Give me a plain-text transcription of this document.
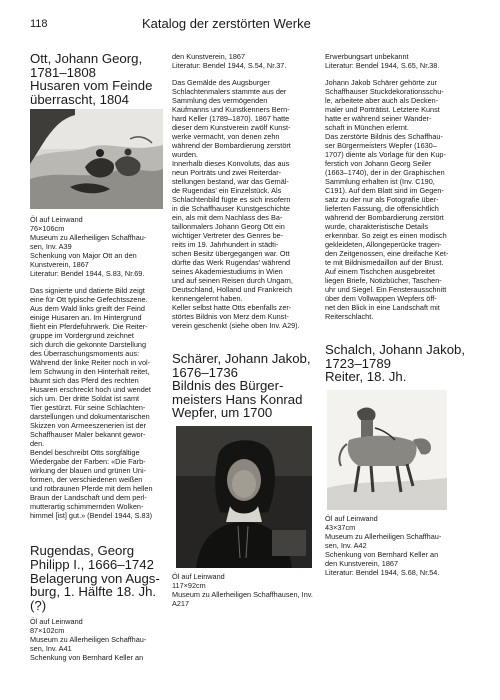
118	Katalog der zerstörten Werke

Ott, Johann Georg,

1781–1808

Husaren vom Feinde

überrascht, 1804

Öl auf Leinwand

76×106cm

Museum zu Allerheiligen Schaffhau-

sen, Inv. A39

Schenkung von Major Ott an den

Kunstverein, 1867

Literatur: Bendel 1944, S.83, Nr.69.

Das signierte und datierte Bild zeigt

eine für Ott typische Gefechtsszene.

Aus dem Wald links greift der Feind

einige Husaren an. Im Hintergrund

flieht ein Pferdefuhrwerk. Die Reiter-

gruppe im Vordergrund zeichnet

sich durch die gekonnte Darstellung

des Überraschungsmoments aus:

Während der linke Reiter noch in vol-

lem Schwung in den Hinterhalt reitet,

bäumt sich das Pferd des rechten

Husaren erschreckt hoch und wendet

sich um. Der dritte Soldat ist samt

Tier gestürzt. Für seine Schlachten-

darstellungen und dokumentarischen

Skizzen von Armeeszenerien ist der

Schaffhauser Maler bekannt gewor-

den.

Bendel beschreibt Otts sorgfältige

Wiedergabe der Farben: «Die Farb-

wirkung der blauen und grünen Uni-

formen, der verschiedenen weißen

und rotbraunen Pferde mit dem hellen

Braun der Landschaft und dem perl-

mutterartig schimmernden Wolken-

himmel [ist] gut.» (Bendel 1944, S.83)

Rugendas, Georg

Philipp I., 1666–1742

Belagerung von Augs-

burg, 1. Hälfte 18. Jh. (?)

Öl auf Leinwand

87×102cm

Museum zu Allerheiligen Schaffhau-

sen, Inv. A41

Schenkung von Bernhard Keller an

den Kunstverein, 1867

Literatur: Bendel 1944, S.54, Nr.37.

Das Gemälde des Augsburger

Schlachtenmalers stammte aus der

Sammlung des vermögenden

Kaufmanns und Kunstkenners Bern-

hard Keller (1789–1870). 1867 hatte

dieser dem Kunstverein zwölf Kunst-

werke vermacht, von denen zehn

während der Bombardierung zerstört

wurden.

Innerhalb dieses Konvoluts, das aus

neun Porträts und zwei Reiterdar-

stellungen bestand, war das Gemäl-

de Rugendas' ein Einzelstück. Als

Schlachtenbild fügte es sich insofern

in die Schaffhauser Kunstgeschichte

ein, als mit dem Nachlass des Ba-

taillonmalers Johann Georg Ott ein

wichtiger Vertreter des Genres be-

reits im 19. Jahrhundert in städti-

schen Besitz übergegangen war. Ott

dürfte das Werk Rugendas' während

seines Akademiestudiums in Wien

und auf seinen Reisen durch Ungarn,

Deutschland, Holland und Frankreich

kennengelernt haben.

Keller selbst hatte Otts ebenfalls zer-

störtes Bildnis von Merz dem Kunst-

verein geschenkt (siehe oben Inv. A29).

Schärer, Johann Jakob,

1676–1736

Bildnis des Bürger-

meisters Hans Konrad

Wepfer, um 1700

Öl auf Leinwand

117×92cm

Museum zu Allerheiligen Schaffhausen, Inv. A217

Erwerbungsart unbekannt

Literatur: Bendel 1944, S.65, Nr.38.

Johann Jakob Schärer gehörte zur

Schaffhauser Stuckdekorationsschu-

le, arbeitete aber auch als Decken-

maler und Porträtist. Letztere Kunst

hatte er während seiner Wander-

schaft in München erlernt.

Das zerstörte Bildnis des Schaffhau-

ser Bürgermeisters Wepfer (1630–

1707) diente als Vorlage für den Kup-

ferstich von Johann Georg Seiler

(1663–1740), der in der Graphischen

Sammlung erhalten ist (Inv. C190,

C191). Auf dem Blatt sind im Gegen-

satz zu der nur als Fotografie über-

lieferten Fassung, die offensichtlich

während der Bombardierung zerstört

wurde, charakteristische Details

erkennbar. So zeigt es einen modisch

gekleideten, Allongeperücke tragen-

den Zeitgenossen, eine dreifache Ket-

te mit Bildnismedaillon auf der Brust.

Auf einem Tischchen ausgebreitet

liegen Briefe, Notizbücher, Taschen-

uhr und Siegel. Ein Fensterausschnitt

über dem Vollwappen Wepfers öff-

net den Blick in eine Landschaft mit

Reiterschlacht.

Schalch, Johann Jakob,

1723–1789

Reiter, 18. Jh.

Öl auf Leinwand

43×37cm

Museum zu Allerheiligen Schaffhau-

sen, Inv. A42

Schenkung von Bernhard Keller an

den Kunstverein, 1867

Literatur: Bendel 1944, S.68, Nr.54.
